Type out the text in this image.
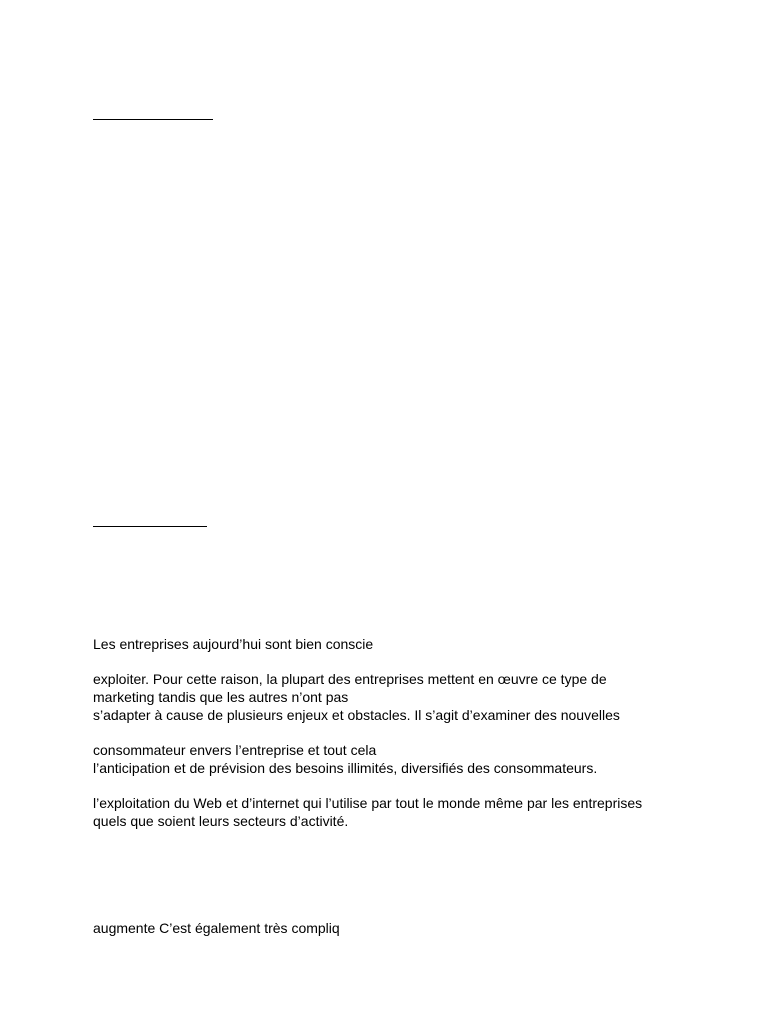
Les entreprises aujourd’hui sont bien conscie
exploiter. Pour cette raison, la plupart des entreprises mettent en œuvre ce type de
marketing tandis que les autres n’ont pas
s’adapter à cause de plusieurs enjeux et obstacles. Il s’agit d’examiner des nouvelles
consommateur envers l’entreprise et tout cela
l’anticipation et de prévision des besoins illimités, diversifiés des consommateurs.
l’exploitation du Web et d’internet qui l’utilise par tout le monde même par les entreprises
quels que soient leurs secteurs d’activité.
augmente C’est également très compliq
